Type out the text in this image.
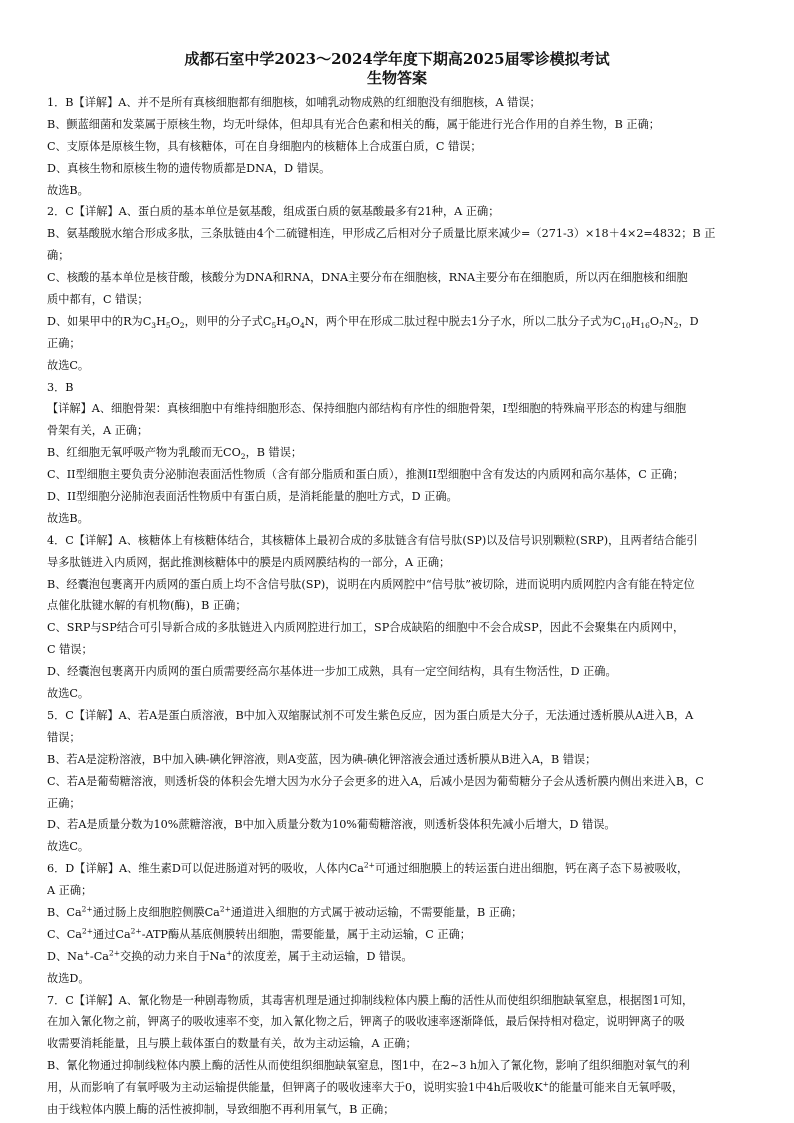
成都石室中学2023～2024学年度下期高2025届零诊模拟考试
生物答案
1．B【详解】A、并不是所有真核细胞都有细胞核，如哺乳动物成熟的红细胞没有细胞核，A 错误；
B、颤蓝细菌和发菜属于原核生物，均无叶绿体，但却具有光合色素和相关的酶，属于能进行光合作用的自养生物，B 正确；
C、支原体是原核生物，具有核糖体，可在自身细胞内的核糖体上合成蛋白质，C 错误；
D、真核生物和原核生物的遗传物质都是DNA，D 错误。
故选B。
2．C【详解】A、蛋白质的基本单位是氨基酸，组成蛋白质的氨基酸最多有21种，A 正确；
B、氨基酸脱水缩合形成多肽，三条肽链由4个二硫键相连，甲形成乙后相对分子质量比原来减少=（271-3）×18＋4×2=4832；B 正
确；
C、核酸的基本单位是核苷酸，核酸分为DNA和RNA，DNA主要分布在细胞核，RNA主要分布在细胞质，所以丙在细胞核和细胞
质中都有，C 错误；
D、如果甲中的R为$C_3H_5O_2$，则甲的分子式$C_5H_9O_4N$，两个甲在形成二肽过程中脱去1分子水，所以二肽分子式为$C_{10}H_{16}O_7N_2$，D
正确；
故选C。
3．B
【详解】A、细胞骨架：真核细胞中有维持细胞形态、保持细胞内部结构有序性的细胞骨架，I型细胞的特殊扁平形态的构建与细胞
骨架有关，A 正确；
B、红细胞无氧呼吸产物为乳酸而无$CO_2$，B 错误；
C、II型细胞主要负责分泌肺泡表面活性物质（含有部分脂质和蛋白质），推测II型细胞中含有发达的内质网和高尔基体，C 正确；
D、II型细胞分泌肺泡表面活性物质中有蛋白质，是消耗能量的胞吐方式，D 正确。
故选B。
4．C【详解】A、核糖体上有核糖体结合，其核糖体上最初合成的多肽链含有信号肽(SP)以及信号识别颗粒(SRP)，且两者结合能引
导多肽链进入内质网，据此推测核糖体中的膜是内质网膜结构的一部分，A 正确；
B、经囊泡包裹离开内质网的蛋白质上均不含信号肽(SP)，说明在内质网腔中“信号肽”被切除，进而说明内质网腔内含有能在特定位
点催化肽键水解的有机物(酶)，B 正确；
C、SRP与SP结合可引导新合成的多肽链进入内质网腔进行加工，SP合成缺陷的细胞中不会合成SP，因此不会聚集在内质网中，
C 错误；
D、经囊泡包裹离开内质网的蛋白质需要经高尔基体进一步加工成熟，具有一定空间结构，具有生物活性，D 正确。
故选C。
5．C【详解】A、若A是蛋白质溶液，B中加入双缩脲试剂不可发生紫色反应，因为蛋白质是大分子，无法通过透析膜从A进入B，A
错误；
B、若A是淀粉溶液，B中加入碘-碘化钾溶液，则A变蓝，因为碘-碘化钾溶液会通过透析膜从B进入A，B 错误；
C、若A是葡萄糖溶液，则透析袋的体积会先增大因为水分子会更多的进入A，后减小是因为葡萄糖分子会从透析膜内侧出来进入B，C
正确；
D、若A是质量分数为10%蔗糖溶液，B中加入质量分数为10%葡萄糖溶液，则透析袋体积先减小后增大，D 错误。
故选C。
6．D【详解】A、维生素D可以促进肠道对钙的吸收，人体内$Ca^{2+}$可通过细胞膜上的转运蛋白进出细胞，钙在离子态下易被吸收，
A 正确；
B、$Ca^{2+}$通过肠上皮细胞腔侧膜$Ca^{2+}$通道进入细胞的方式属于被动运输，不需要能量，B 正确；
C、$Ca^{2+}$通过$Ca^{2+}$-ATP酶从基底侧膜转出细胞，需要能量，属于主动运输，C 正确；
D、$Na^+-Ca^{2+}$交换的动力来自于Na+的浓度差，属于主动运输，D 错误。
故选D。
7．C【详解】A、氰化物是一种剧毒物质，其毒害机理是通过抑制线粒体内膜上酶的活性从而使组织细胞缺氧窒息，根据图1可知，
在加入氰化物之前，钾离子的吸收速率不变，加入氰化物之后，钾离子的吸收速率逐渐降低，最后保持相对稳定，说明钾离子的吸
收需要消耗能量，且与膜上载体蛋白的数量有关，故为主动运输，A 正确；
B、氰化物通过抑制线粒体内膜上酶的活性从而使组织细胞缺氧窒息，图1中，在2~3 h加入了氰化物，影响了组织细胞对氧气的利
用，从而影响了有氧呼吸为主动运输提供能量，但钾离子的吸收速率大于0，说明实验1中4h后吸收K+的能量可能来自无氧呼吸，
由于线粒体内膜上酶的活性被抑制，导致细胞不再利用氧气，B 正确；
